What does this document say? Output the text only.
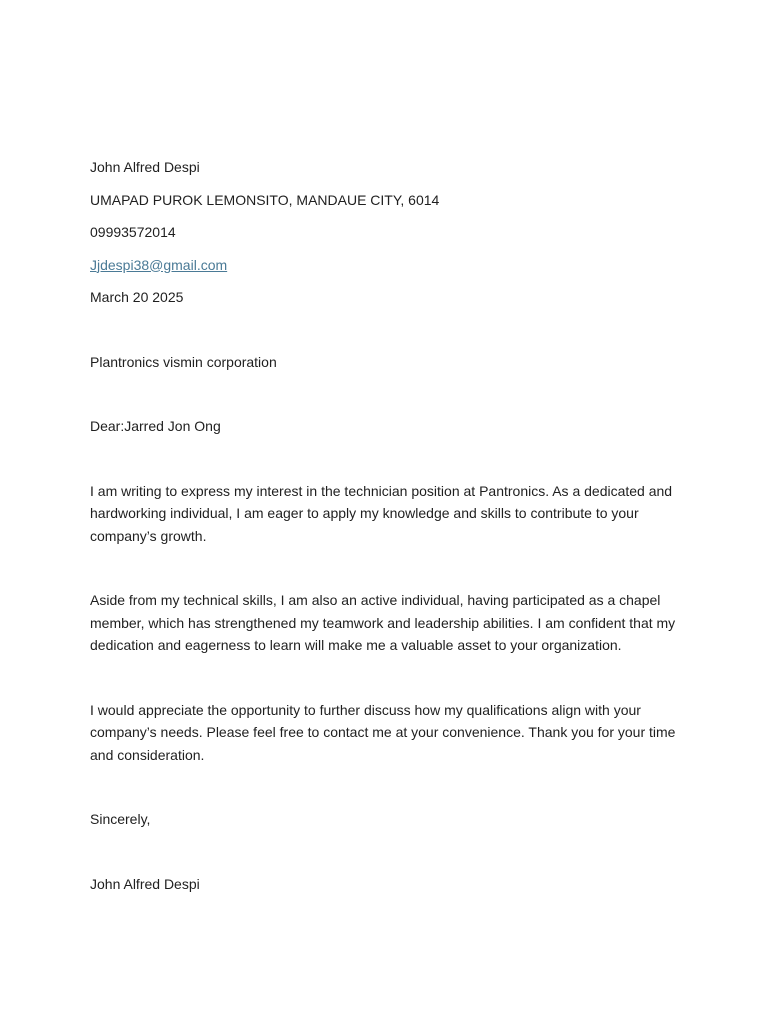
John Alfred Despi
UMAPAD PUROK LEMONSITO, MANDAUE CITY, 6014
09993572014
Jjdespi38@gmail.com
March 20 2025
Plantronics vismin corporation
Dear:Jarred Jon Ong

I am writing to express my interest in the technician position at Pantronics. As a dedicated and hardworking individual, I am eager to apply my knowledge and skills to contribute to your company’s growth.

Aside from my technical skills, I am also an active individual, having participated as a chapel member, which has strengthened my teamwork and leadership abilities. I am confident that my dedication and eagerness to learn will make me a valuable asset to your organization.

I would appreciate the opportunity to further discuss how my qualifications align with your company’s needs. Please feel free to contact me at your convenience. Thank you for your time and consideration.

Sincerely,
John Alfred Despi
